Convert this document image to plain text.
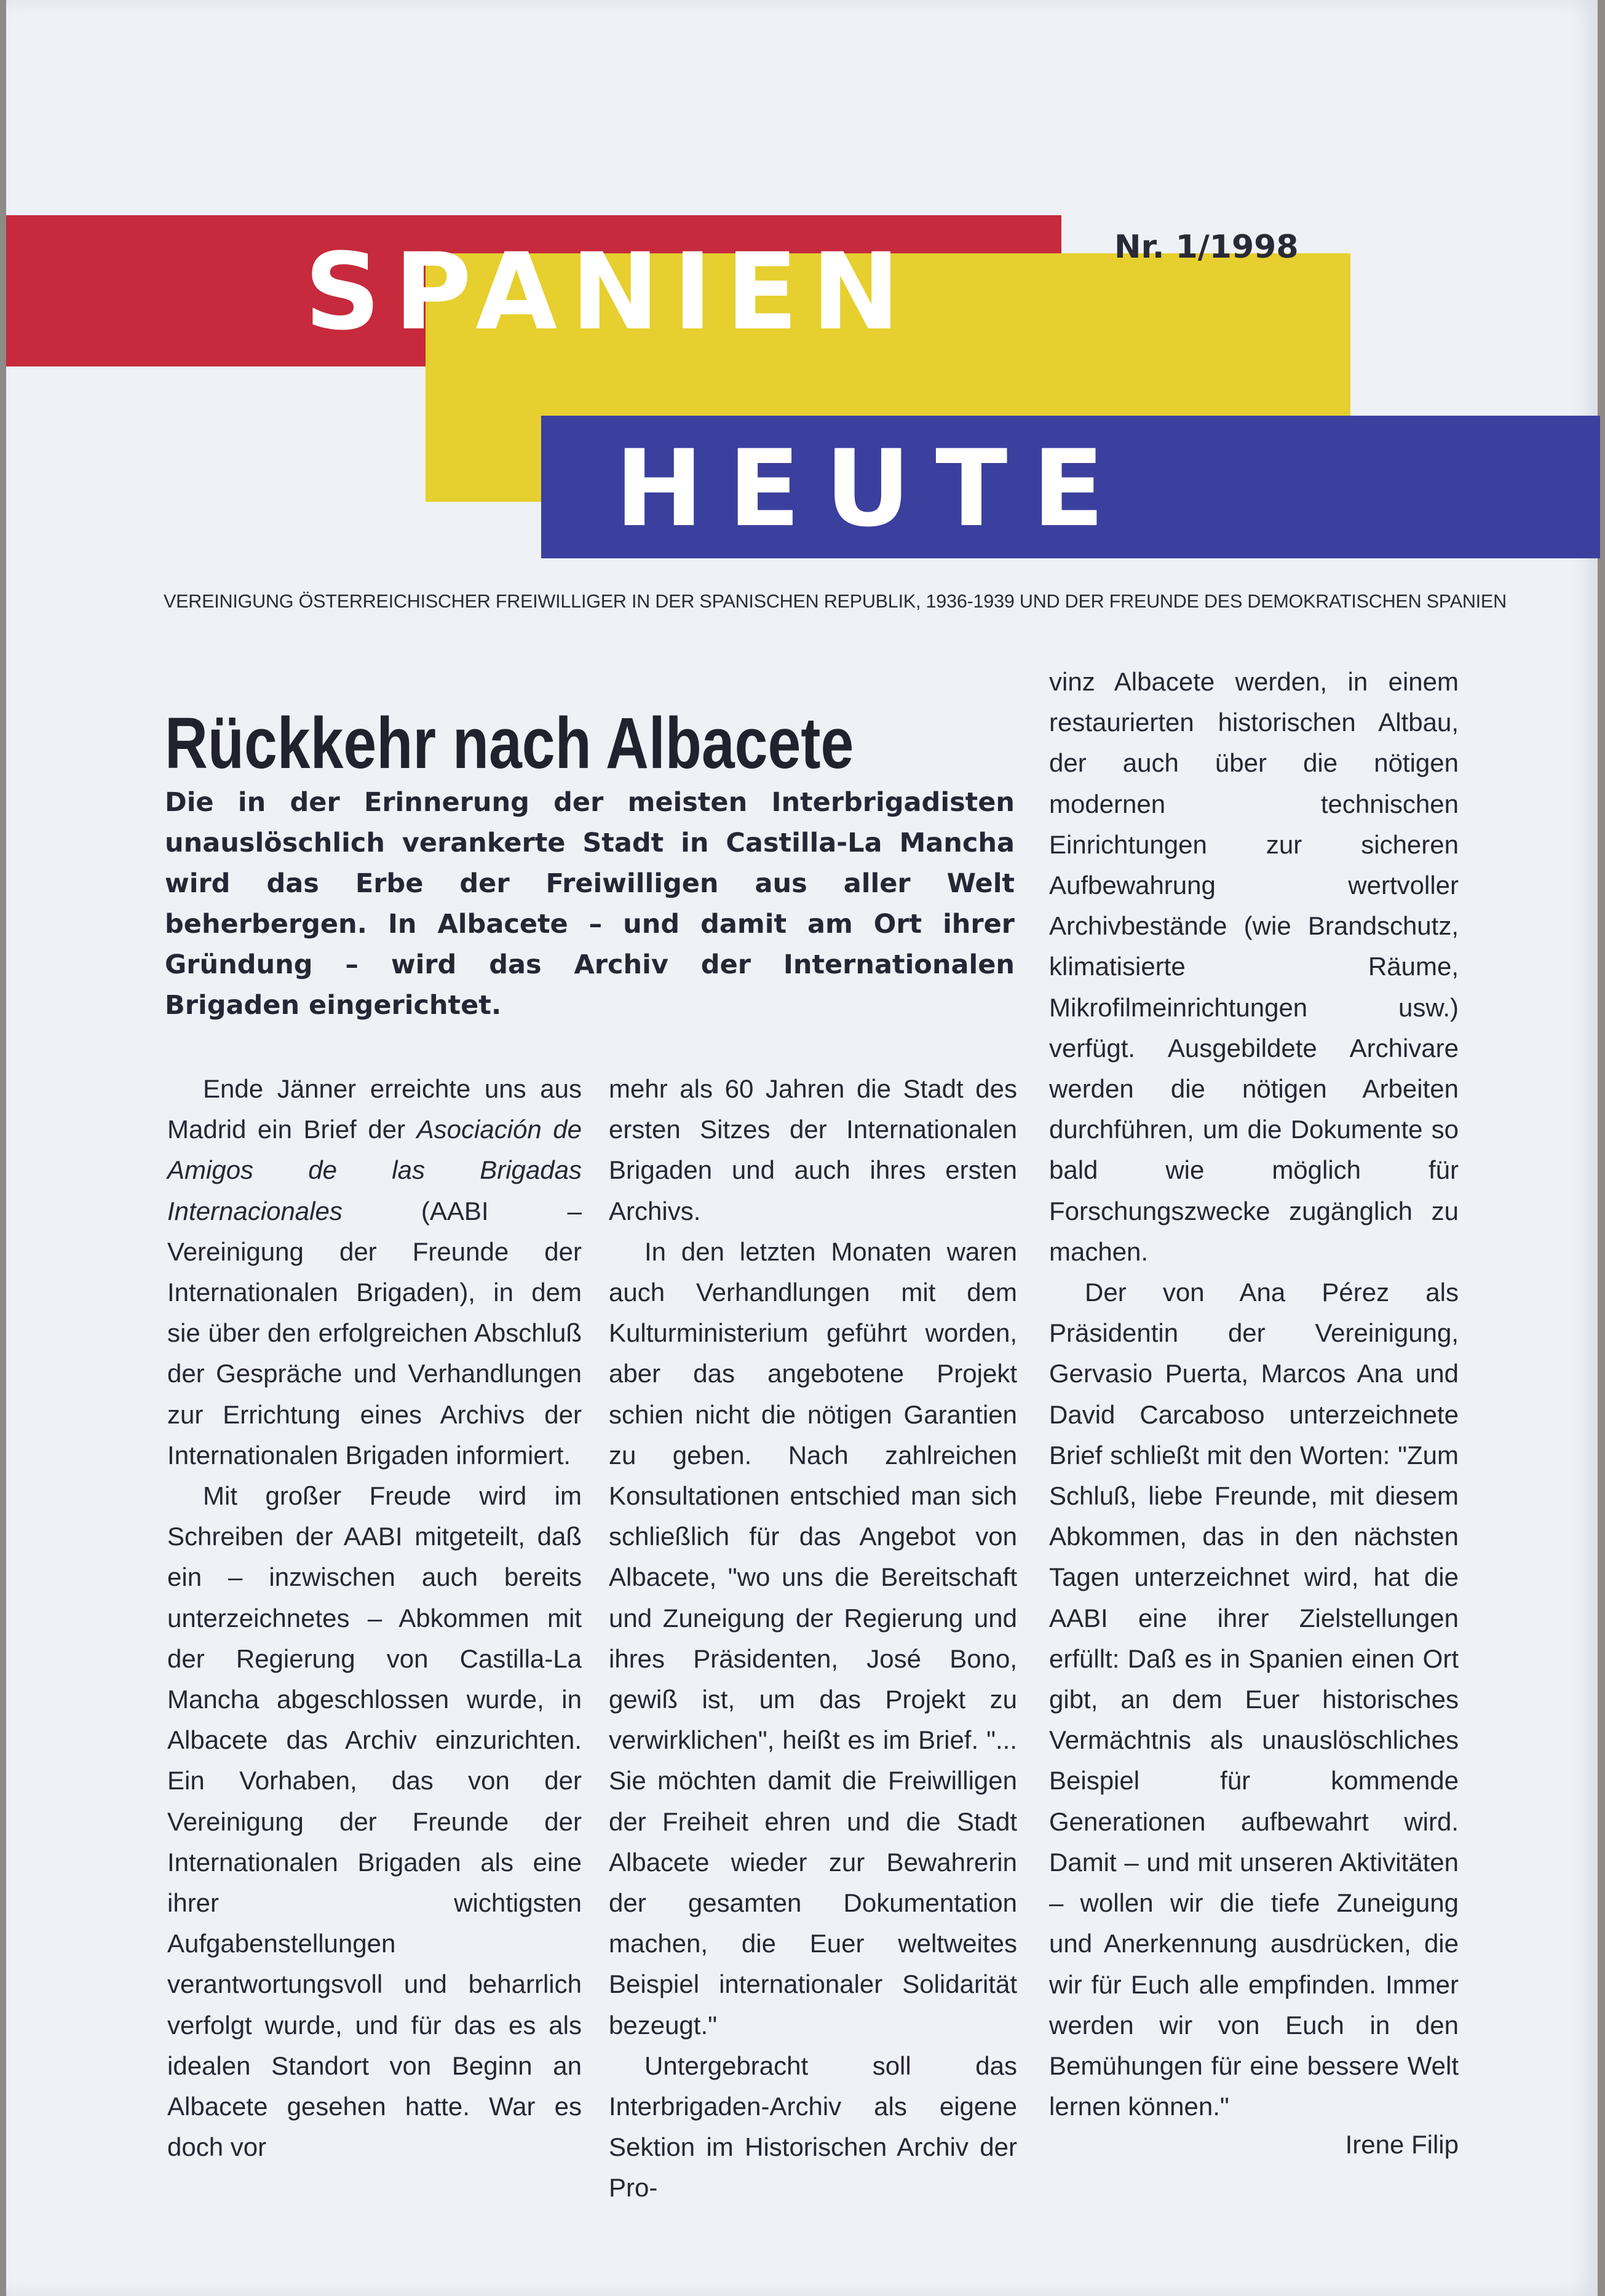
SPANIEN
HEUTE
Nr. 1/1998
VEREINIGUNG ÖSTERREICHISCHER FREIWILLIGER IN DER SPANISCHEN REPUBLIK, 1936-1939 UND DER FREUNDE DES DEMOKRATISCHEN SPANIEN
Rückkehr nach Albacete

Die in der Erinnerung der meisten Interbrigadisten unauslöschlich verankerte Stadt in Castilla-La Mancha wird das Erbe der Freiwilligen aus aller Welt beherbergen. In Albacete – und damit am Ort ihrer Gründung – wird das Archiv der Internationalen Brigaden eingerichtet.

Ende Jänner erreichte uns aus Madrid ein Brief der Asociación de Amigos de las Brigadas Internacionales (AABI – Vereinigung der Freunde der Internationalen Brigaden), in dem sie über den erfolgreichen Abschluß der Gespräche und Verhandlungen zur Errichtung eines Archivs der Internationalen Brigaden informiert.

Mit großer Freude wird im Schreiben der AABI mitgeteilt, daß ein – inzwischen auch bereits unterzeichnetes – Abkommen mit der Regierung von Castilla-La Mancha abgeschlossen wurde, in Albacete das Archiv einzurichten. Ein Vorhaben, das von der Vereinigung der Freunde der Internationalen Brigaden als eine ihrer wichtigsten Aufgabenstellungen verantwortungsvoll und beharrlich verfolgt wurde, und für das es als idealen Standort von Beginn an Albacete gesehen hatte. War es doch vor

mehr als 60 Jahren die Stadt des ersten Sitzes der Internationalen Brigaden und auch ihres ersten Archivs.

In den letzten Monaten waren auch Verhandlungen mit dem Kulturministerium geführt worden, aber das angebotene Projekt schien nicht die nötigen Garantien zu geben. Nach zahlreichen Konsultationen entschied man sich schließlich für das Angebot von Albacete, "wo uns die Bereitschaft und Zuneigung der Regierung und ihres Präsidenten, José Bono, gewiß ist, um das Projekt zu verwirklichen", heißt es im Brief. "... Sie möchten damit die Freiwilligen der Freiheit ehren und die Stadt Albacete wieder zur Bewahrerin der gesamten Dokumentation machen, die Euer weltweites Beispiel internationaler Solidarität bezeugt."

Untergebracht soll das Interbrigaden-Archiv als eigene Sektion im Historischen Archiv der Pro-

vinz Albacete werden, in einem restaurierten historischen Altbau, der auch über die nötigen modernen technischen Einrichtungen zur sicheren Aufbewahrung wertvoller Archivbestände (wie Brandschutz, klimatisierte Räume, Mikrofilmeinrichtungen usw.) verfügt. Ausgebildete Archivare werden die nötigen Arbeiten durchführen, um die Dokumente so bald wie möglich für Forschungszwecke zugänglich zu machen.

Der von Ana Pérez als Präsidentin der Vereinigung, Gervasio Puerta, Marcos Ana und David Carcaboso unterzeichnete Brief schließt mit den Worten: "Zum Schluß, liebe Freunde, mit diesem Abkommen, das in den nächsten Tagen unterzeichnet wird, hat die AABI eine ihrer Zielstellungen erfüllt: Daß es in Spanien einen Ort gibt, an dem Euer historisches Vermächtnis als unauslöschliches Beispiel für kommende Generationen aufbewahrt wird. Damit – und mit unseren Aktivitäten – wollen wir die tiefe Zuneigung und Anerkennung ausdrücken, die wir für Euch alle empfinden. Immer werden wir von Euch in den Bemühungen für eine bessere Welt lernen können."

Irene Filip
